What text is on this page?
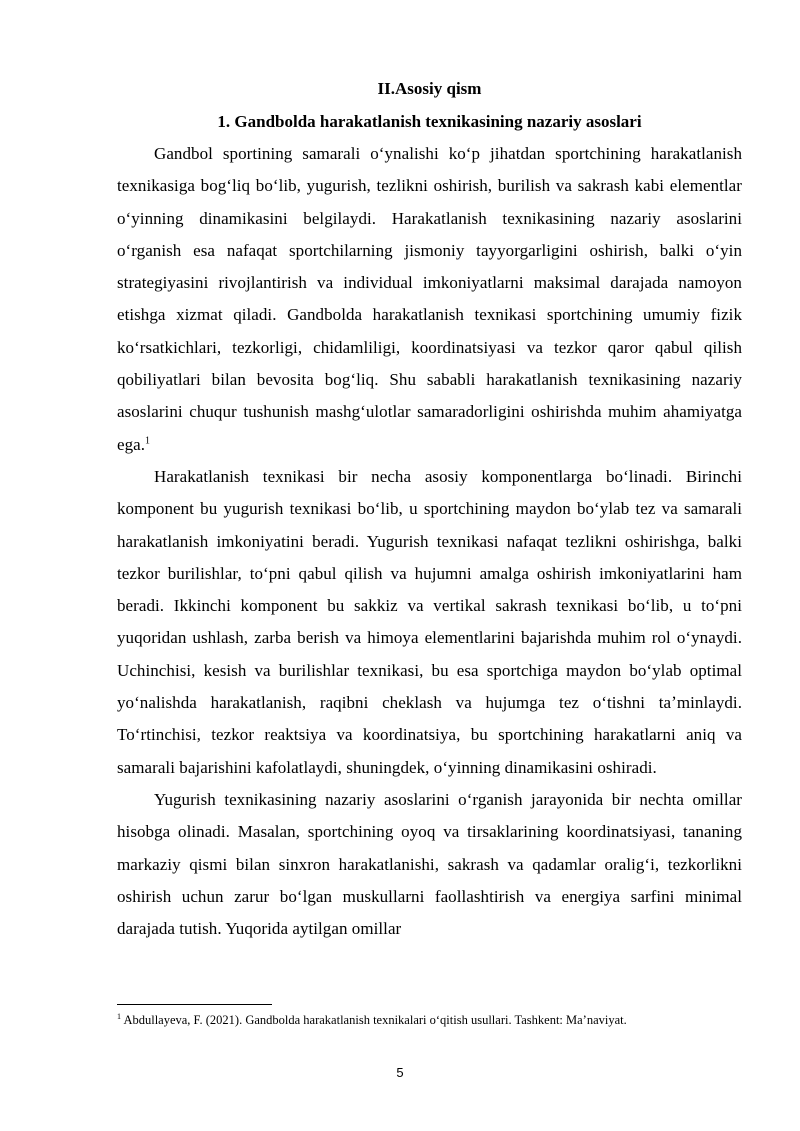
II.Asosiy qism
1. Gandbolda harakatlanish texnikasining nazariy asoslari

Gandbol sportining samarali oʻynalishi koʻp jihatdan sportchining harakatlanish texnikasiga bogʻliq boʻlib, yugurish, tezlikni oshirish, burilish va sakrash kabi elementlar oʻyinning dinamikasini belgilaydi. Harakatlanish texnikasining nazariy asoslarini oʻrganish esa nafaqat sportchilarning jismoniy tayyorgarligini oshirish, balki oʻyin strategiyasini rivojlantirish va individual imkoniyatlarni maksimal darajada namoyon etishga xizmat qiladi. Gandbolda harakatlanish texnikasi sportchining umumiy fizik koʻrsatkichlari, tezkorligi, chidamliligi, koordinatsiyasi va tezkor qaror qabul qilish qobiliyatlari bilan bevosita bogʻliq. Shu sababli harakatlanish texnikasining nazariy asoslarini chuqur tushunish mashgʻulotlar samaradorligini oshirishda muhim ahamiyatga ega.$^1$

Harakatlanish texnikasi bir necha asosiy komponentlarga boʻlinadi. Birinchi komponent bu yugurish texnikasi boʻlib, u sportchining maydon boʻylab tez va samarali harakatlanish imkoniyatini beradi. Yugurish texnikasi nafaqat tezlikni oshirishga, balki tezkor burilishlar, toʻpni qabul qilish va hujumni amalga oshirish imkoniyatlarini ham beradi. Ikkinchi komponent bu sakkiz va vertikal sakrash texnikasi boʻlib, u toʻpni yuqoridan ushlash, zarba berish va himoya elementlarini bajarishda muhim rol oʻynaydi. Uchinchisi, kesish va burilishlar texnikasi, bu esa sportchiga maydon boʻylab optimal yoʻnalishda harakatlanish, raqibni cheklash va hujumga tez oʻtishni taʼminlaydi. Toʻrtinchisi, tezkor reaktsiya va koordinatsiya, bu sportchining harakatlarni aniq va samarali bajarishini kafolatlaydi, shuningdek, oʻyinning dinamikasini oshiradi.

Yugurish texnikasining nazariy asoslarini oʻrganish jarayonida bir nechta omillar hisobga olinadi. Masalan, sportchining oyoq va tirsaklarining koordinatsiyasi, tananing markaziy qismi bilan sinxron harakatlanishi, sakrash va qadamlar oraligʻi, tezkorlikni oshirish uchun zarur boʻlgan muskullarni faollashtirish va energiya sarfini minimal darajada tutish. Yuqorida aytilgan omillar

$^1$ Abdullayeva, F. (2021). Gandbolda harakatlanish texnikalari oʻqitish usullari. Tashkent: Maʼnaviyat.
5
